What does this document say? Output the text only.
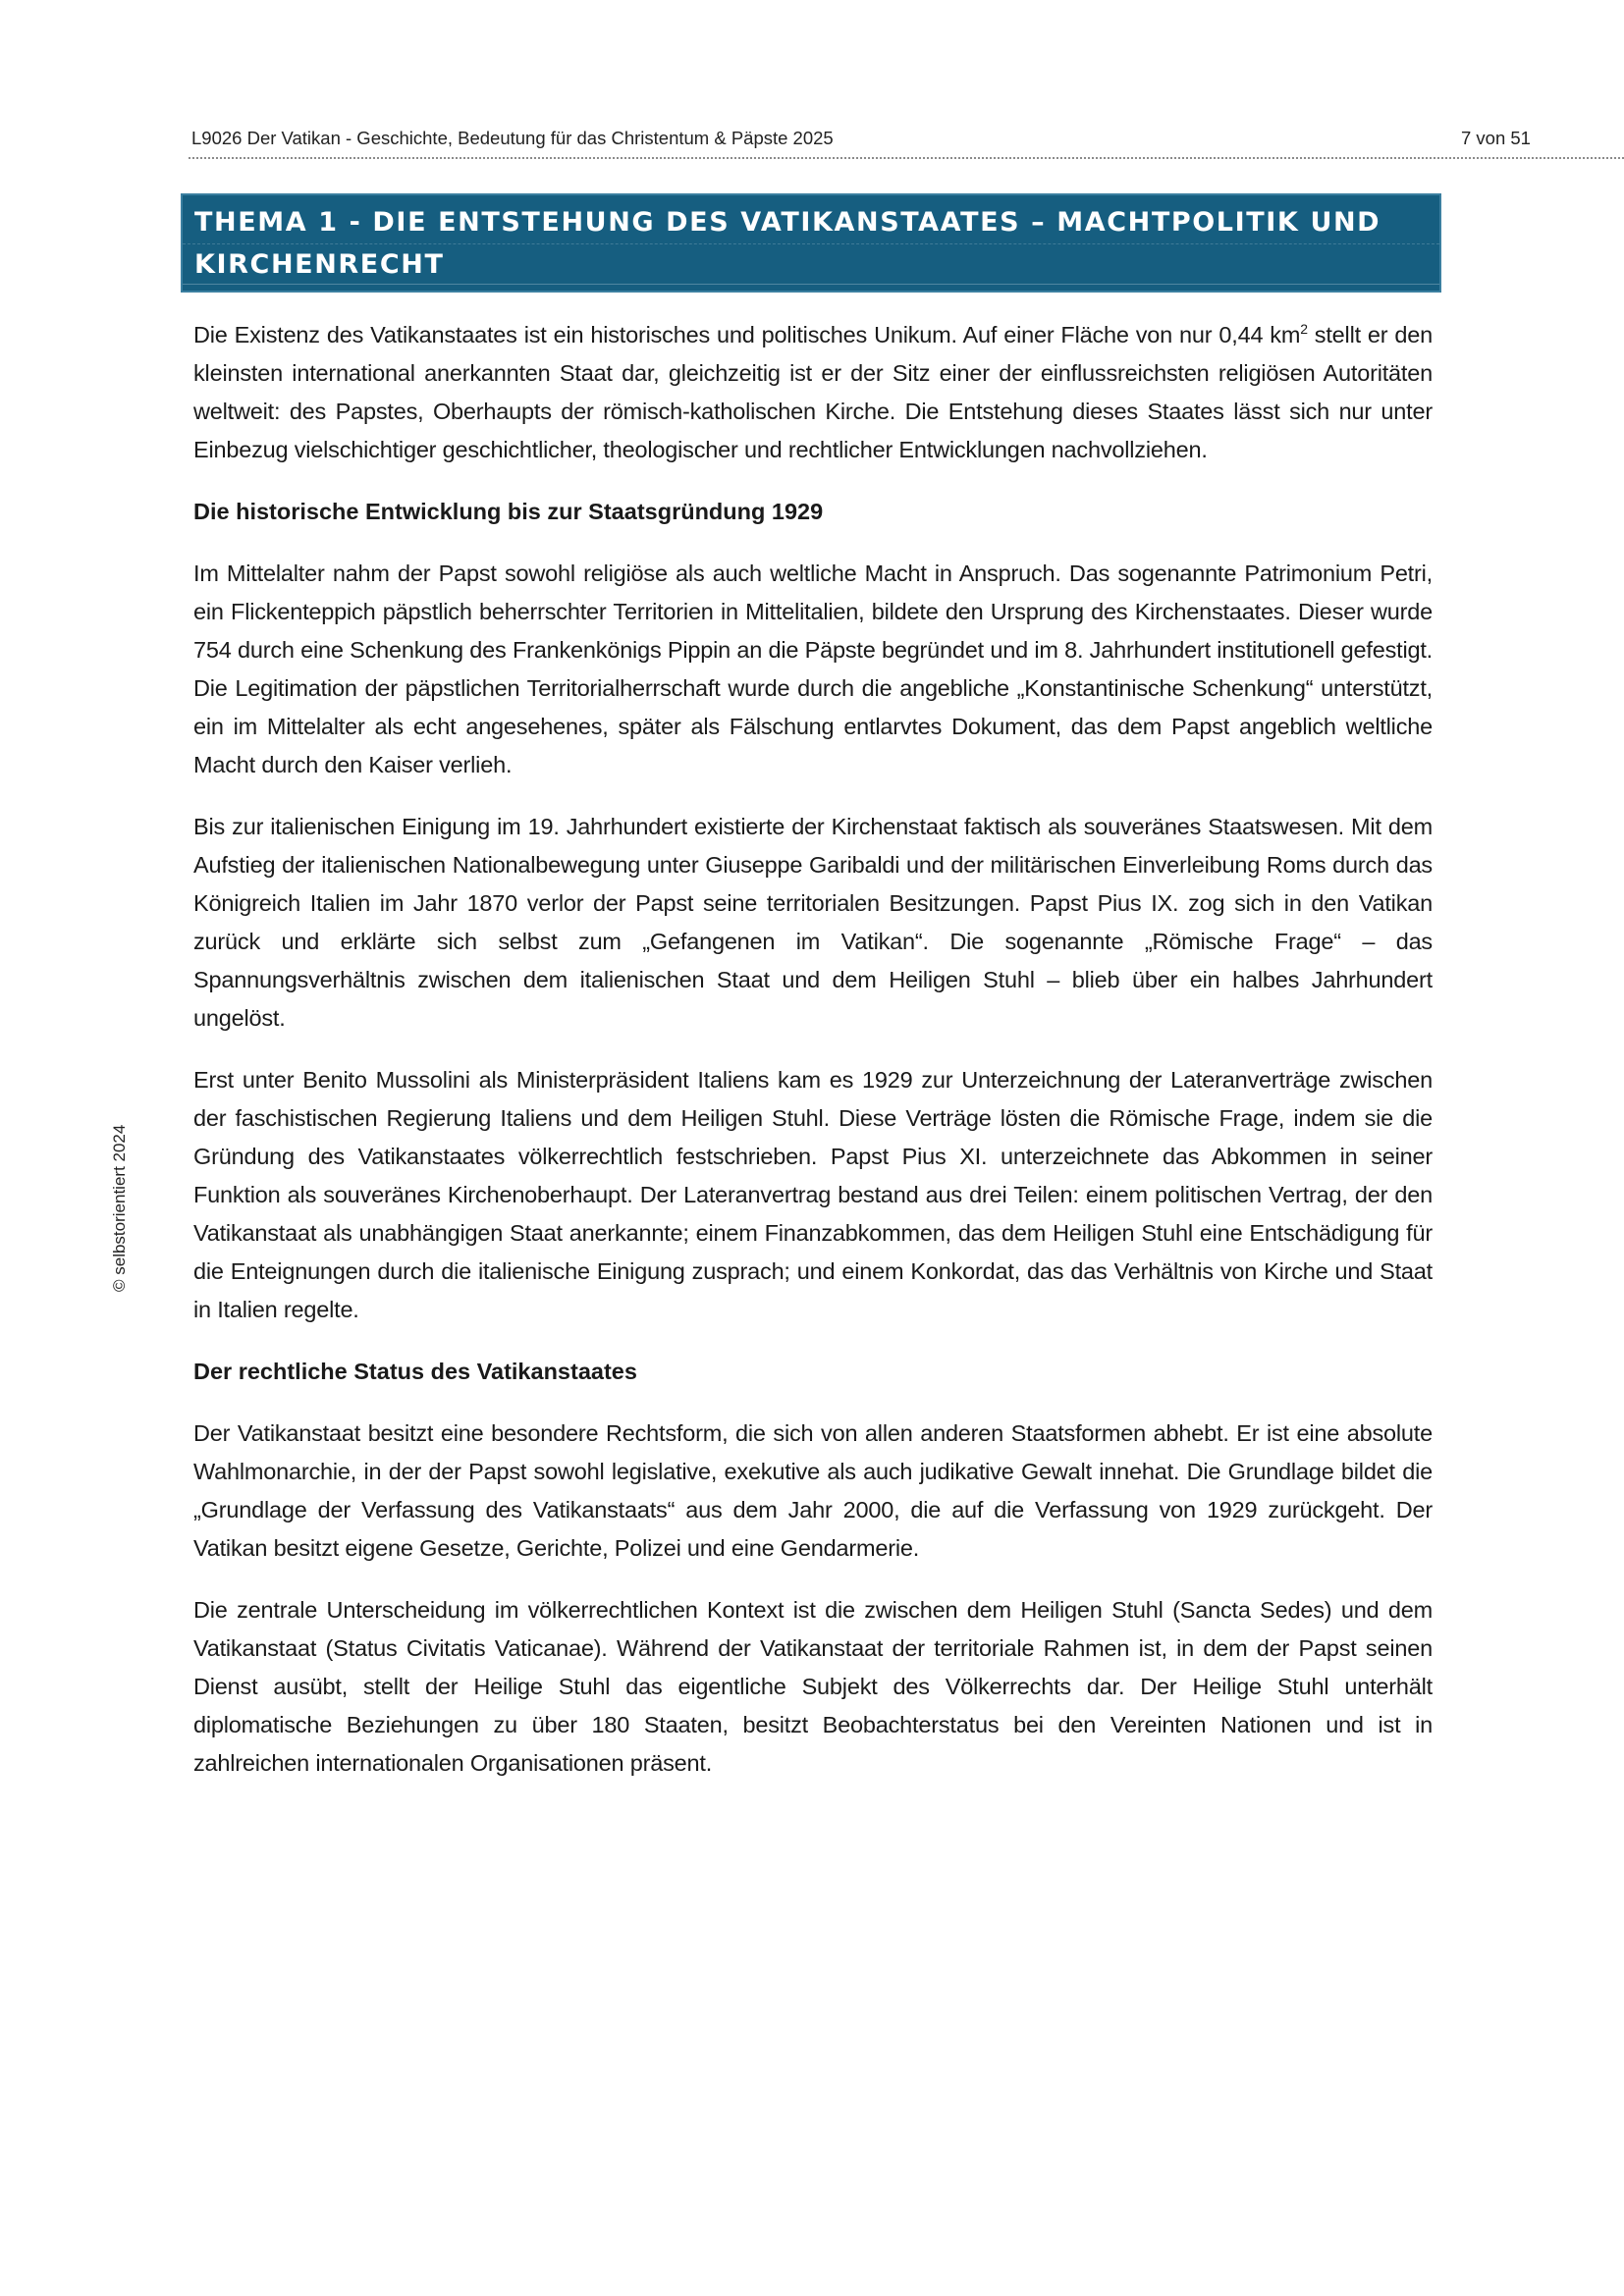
L9026 Der Vatikan - Geschichte, Bedeutung für das Christentum & Päpste 2025	7 von 51
© selbstorientiert 2024
THEMA 1 - DIE ENTSTEHUNG DES VATIKANSTAATES – MACHTPOLITIK UND KIRCHENRECHT

Die Existenz des Vatikanstaates ist ein historisches und politisches Unikum. Auf einer Fläche von nur 0,44 $km^2$ stellt er den kleinsten international anerkannten Staat dar, gleichzeitig ist er der Sitz einer der einflussreichsten religiösen Autoritäten weltweit: des Papstes, Oberhaupts der römisch-katholischen Kirche. Die Entstehung dieses Staates lässt sich nur unter Einbezug vielschichtiger geschichtlicher, theologischer und rechtlicher Entwicklungen nachvollziehen.

Die historische Entwicklung bis zur Staatsgründung 1929

Im Mittelalter nahm der Papst sowohl religiöse als auch weltliche Macht in Anspruch. Das sogenannte Patrimonium Petri, ein Flickenteppich päpstlich beherrschter Territorien in Mittelitalien, bildete den Ursprung des Kirchenstaates. Dieser wurde 754 durch eine Schenkung des Frankenkönigs Pippin an die Päpste begründet und im 8. Jahrhundert institutionell gefestigt. Die Legitimation der päpstlichen Territorialherrschaft wurde durch die angebliche „Konstantinische Schenkung“ unterstützt, ein im Mittelalter als echt angesehenes, später als Fälschung entlarvtes Dokument, das dem Papst angeblich weltliche Macht durch den Kaiser verlieh.

Bis zur italienischen Einigung im 19. Jahrhundert existierte der Kirchenstaat faktisch als souveränes Staatswesen. Mit dem Aufstieg der italienischen Nationalbewegung unter Giuseppe Garibaldi und der militärischen Einverleibung Roms durch das Königreich Italien im Jahr 1870 verlor der Papst seine territorialen Besitzungen. Papst Pius IX. zog sich in den Vatikan zurück und erklärte sich selbst zum „Gefangenen im Vatikan“. Die sogenannte „Römische Frage“ – das Spannungsverhältnis zwischen dem italienischen Staat und dem Heiligen Stuhl – blieb über ein halbes Jahrhundert ungelöst.

Erst unter Benito Mussolini als Ministerpräsident Italiens kam es 1929 zur Unterzeichnung der Lateranverträge zwischen der faschistischen Regierung Italiens und dem Heiligen Stuhl. Diese Verträge lösten die Römische Frage, indem sie die Gründung des Vatikanstaates völkerrechtlich festschrieben. Papst Pius XI. unterzeichnete das Abkommen in seiner Funktion als souveränes Kirchenoberhaupt. Der Lateranvertrag bestand aus drei Teilen: einem politischen Vertrag, der den Vatikanstaat als unabhängigen Staat anerkannte; einem Finanzabkommen, das dem Heiligen Stuhl eine Entschädigung für die Enteignungen durch die italienische Einigung zusprach; und einem Konkordat, das das Verhältnis von Kirche und Staat in Italien regelte.

Der rechtliche Status des Vatikanstaates

Der Vatikanstaat besitzt eine besondere Rechtsform, die sich von allen anderen Staatsformen abhebt. Er ist eine absolute Wahlmonarchie, in der der Papst sowohl legislative, exekutive als auch judikative Gewalt innehat. Die Grundlage bildet die „Grundlage der Verfassung des Vatikanstaats“ aus dem Jahr 2000, die auf die Verfassung von 1929 zurückgeht. Der Vatikan besitzt eigene Gesetze, Gerichte, Polizei und eine Gendarmerie.

Die zentrale Unterscheidung im völkerrechtlichen Kontext ist die zwischen dem Heiligen Stuhl (Sancta Sedes) und dem Vatikanstaat (Status Civitatis Vaticanae). Während der Vatikanstaat der territoriale Rahmen ist, in dem der Papst seinen Dienst ausübt, stellt der Heilige Stuhl das eigentliche Subjekt des Völkerrechts dar. Der Heilige Stuhl unterhält diplomatische Beziehungen zu über 180 Staaten, besitzt Beobachterstatus bei den Vereinten Nationen und ist in zahlreichen internationalen Organisationen präsent.
